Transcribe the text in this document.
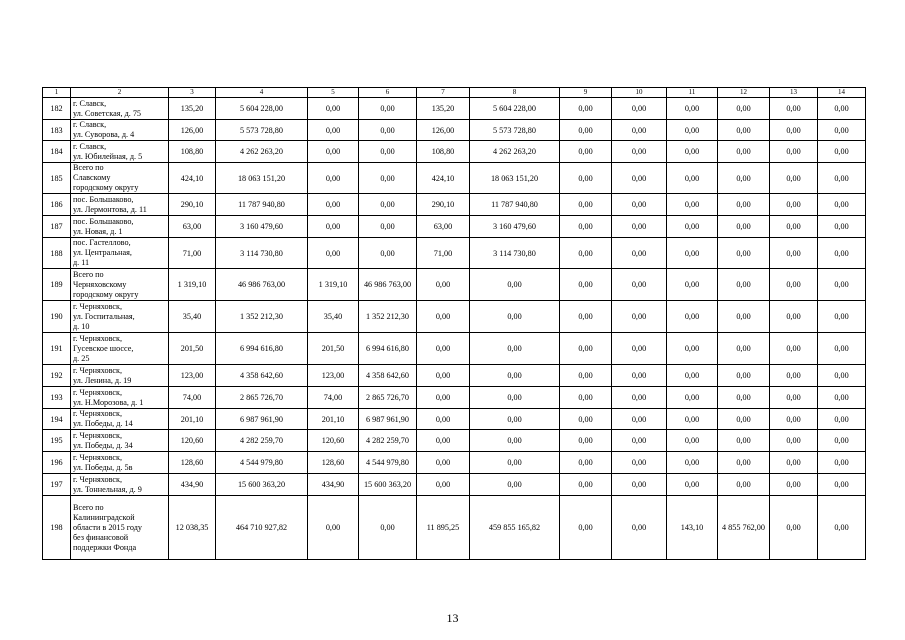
1	2	3	4	5	6	7	8	9	10	11	12	13	14
182	г. Славск,
ул. Советская, д. 75	135,20	5 604 228,00	0,00	0,00	135,20	5 604 228,00	0,00	0,00	0,00	0,00	0,00	0,00
183	г. Славск,
ул. Суворова, д. 4	126,00	5 573 728,80	0,00	0,00	126,00	5 573 728,80	0,00	0,00	0,00	0,00	0,00	0,00
184	г. Славск,
ул. Юбилейная, д. 5	108,80	4 262 263,20	0,00	0,00	108,80	4 262 263,20	0,00	0,00	0,00	0,00	0,00	0,00
185	Всего по
Славскому
городскому округу	424,10	18 063 151,20	0,00	0,00	424,10	18 063 151,20	0,00	0,00	0,00	0,00	0,00	0,00
186	пос. Большаково,
ул. Лермонтова, д. 11	290,10	11 787 940,80	0,00	0,00	290,10	11 787 940,80	0,00	0,00	0,00	0,00	0,00	0,00
187	пос. Большаково,
ул. Новая, д. 1	63,00	3 160 479,60	0,00	0,00	63,00	3 160 479,60	0,00	0,00	0,00	0,00	0,00	0,00
188	пос. Гастеллово,
ул. Центральная,
д. 11	71,00	3 114 730,80	0,00	0,00	71,00	3 114 730,80	0,00	0,00	0,00	0,00	0,00	0,00
189	Всего по
Черняховскому
городскому округу	1 319,10	46 986 763,00	1 319,10	46 986 763,00	0,00	0,00	0,00	0,00	0,00	0,00	0,00	0,00
190	г. Черняховск,
ул. Госпитальная,
д. 10	35,40	1 352 212,30	35,40	1 352 212,30	0,00	0,00	0,00	0,00	0,00	0,00	0,00	0,00
191	г. Черняховск,
Гусевское шоссе,
д. 25	201,50	6 994 616,80	201,50	6 994 616,80	0,00	0,00	0,00	0,00	0,00	0,00	0,00	0,00
192	г. Черняховск,
ул. Ленина, д. 19	123,00	4 358 642,60	123,00	4 358 642,60	0,00	0,00	0,00	0,00	0,00	0,00	0,00	0,00
193	г. Черняховск,
ул. Н.Морозова, д. 1	74,00	2 865 726,70	74,00	2 865 726,70	0,00	0,00	0,00	0,00	0,00	0,00	0,00	0,00
194	г. Черняховск,
ул. Победы, д. 14	201,10	6 987 961,90	201,10	6 987 961,90	0,00	0,00	0,00	0,00	0,00	0,00	0,00	0,00
195	г. Черняховск,
ул. Победы, д. 34	120,60	4 282 259,70	120,60	4 282 259,70	0,00	0,00	0,00	0,00	0,00	0,00	0,00	0,00
196	г. Черняховск,
ул. Победы, д. 5в	128,60	4 544 979,80	128,60	4 544 979,80	0,00	0,00	0,00	0,00	0,00	0,00	0,00	0,00
197	г. Черняховск,
ул. Тоннельная, д. 9	434,90	15 600 363,20	434,90	15 600 363,20	0,00	0,00	0,00	0,00	0,00	0,00	0,00	0,00
198	Всего по
Калининградской
области в 2015 году
без финансовой
поддержки Фонда	12 038,35	464 710 927,82	0,00	0,00	11 895,25	459 855 165,82	0,00	0,00	143,10	4 855 762,00	0,00	0,00
13
